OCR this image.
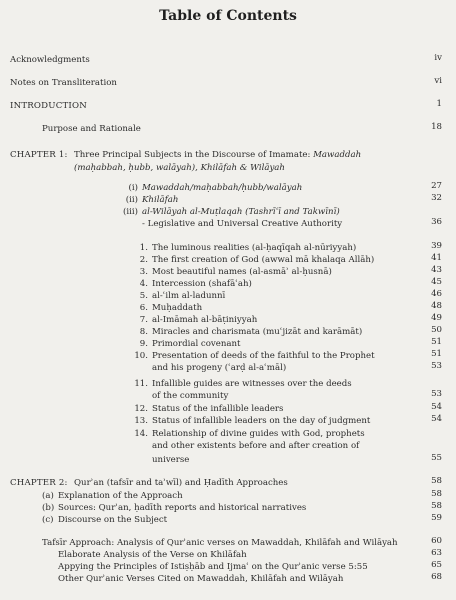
Table of Contents
Acknowledgments	iv
Notes on Transliteration	vi
INTRODUCTION	1
Purpose and Rationale	18
CHAPTER 1: Three Principal Subjects in the Discourse of Imamate: Mawaddah
(maḥabbah, ḥubb, walāyah), Khilāfah & Wilāyah
(i) Mawaddah/maḥabbah/ḥubb/walāyah	27
(ii) Khilāfah	32
(iii) al-Wilāyah al-Muṭlaqah (Tashrīʿī and Takwīnī)
- Legislative and Universal Creative Authority	36
1. The luminous realities (al-ḥaqīqah al-nūriyyah)	39
2. The first creation of God (awwal mā khalaqa Allāh)	41
3. Most beautiful names (al-asmāʾ al-ḥusnā)	43
4. Intercession (shafāʿah)	45
5. al-ʿilm al-ladunnī	46
6. Muḥaddath	48
7. al-Imāmah al-bāṭiniyyah	49
8. Miracles and charismata (muʿjizāt and karāmāt)	50
9. Primordial covenant	51
10. Presentation of deeds of the faithful to the Prophet	51
and his progeny (ʿarḍ al-aʿmāl)	53
11. Infallible guides are witnesses over the deeds
of the community	53
12. Status of the infallible leaders	54
13. Status of infallible leaders on the day of judgment	54
14. Relationship of divine guides with God, prophets
and other existents before and after creation of
universe	55
CHAPTER 2: Qurʾan (tafsīr and taʾwīl) and Ḥadīth Approaches	58
(a) Explanation of the Approach	58
(b) Sources: Qurʾan, ḥadīth reports and historical narratives	58
(c) Discourse on the Subject	59
Tafsīr Approach: Analysis of Qurʾanic verses on Mawaddah, Khilāfah and Wilāyah	60
Elaborate Analysis of the Verse on Khilāfah	63
Appying the Principles of Istiṣḥāb and Ijmaʿ on the Qurʾanic verse 5:55	65
Other Qurʾanic Verses Cited on Mawaddah, Khilāfah and Wilāyah	68
